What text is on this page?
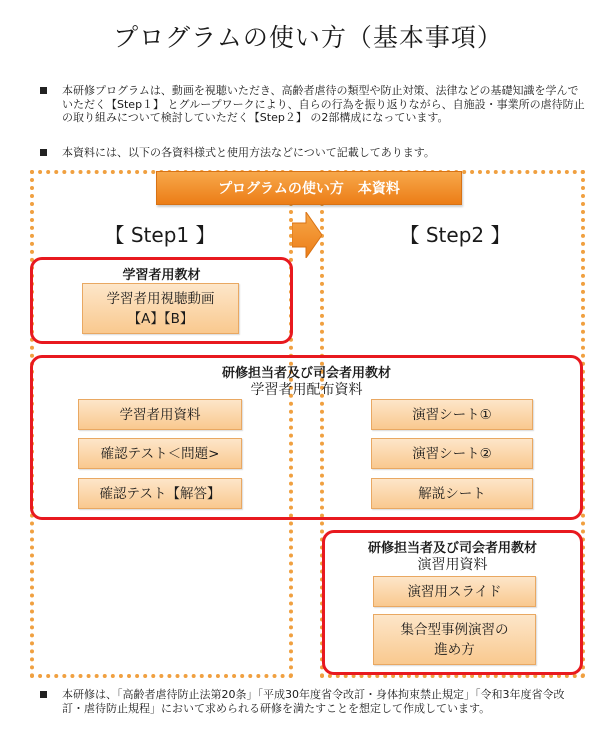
プログラムの使い方（基本事項）
本研修プログラムは、動画を視聴いただき、高齢者虐待の類型や防止対策、法律などの基礎知識を学んでいただく【Step１】 とグループワークにより、自らの行為を振り返りながら、自施設・事業所の虐待防止の取り組みについて検討していただく【Step２】 の2部構成になっています。
本資料には、以下の各資料様式と使用方法などについて記載してあります。
プログラムの使い方　本資料
【 Step1 】	【 Step2 】
学習者用教材
学習者用視聴動画
【A】【B】
研修担当者及び司会者用教材
学習者用配布資料
学習者用資料
確認テスト＜問題>
確認テスト【解答】
演習シート①
演習シート②
解説シート
研修担当者及び司会者用教材
演習用資料
演習用スライド
集合型事例演習の
進め方
本研修は、「高齢者虐待防止法第20条」「平成30年度省令改訂・身体拘束禁止規定」「令和3年度省令改訂・虐待防止規程」において求められる研修を満たすことを想定して作成しています。
